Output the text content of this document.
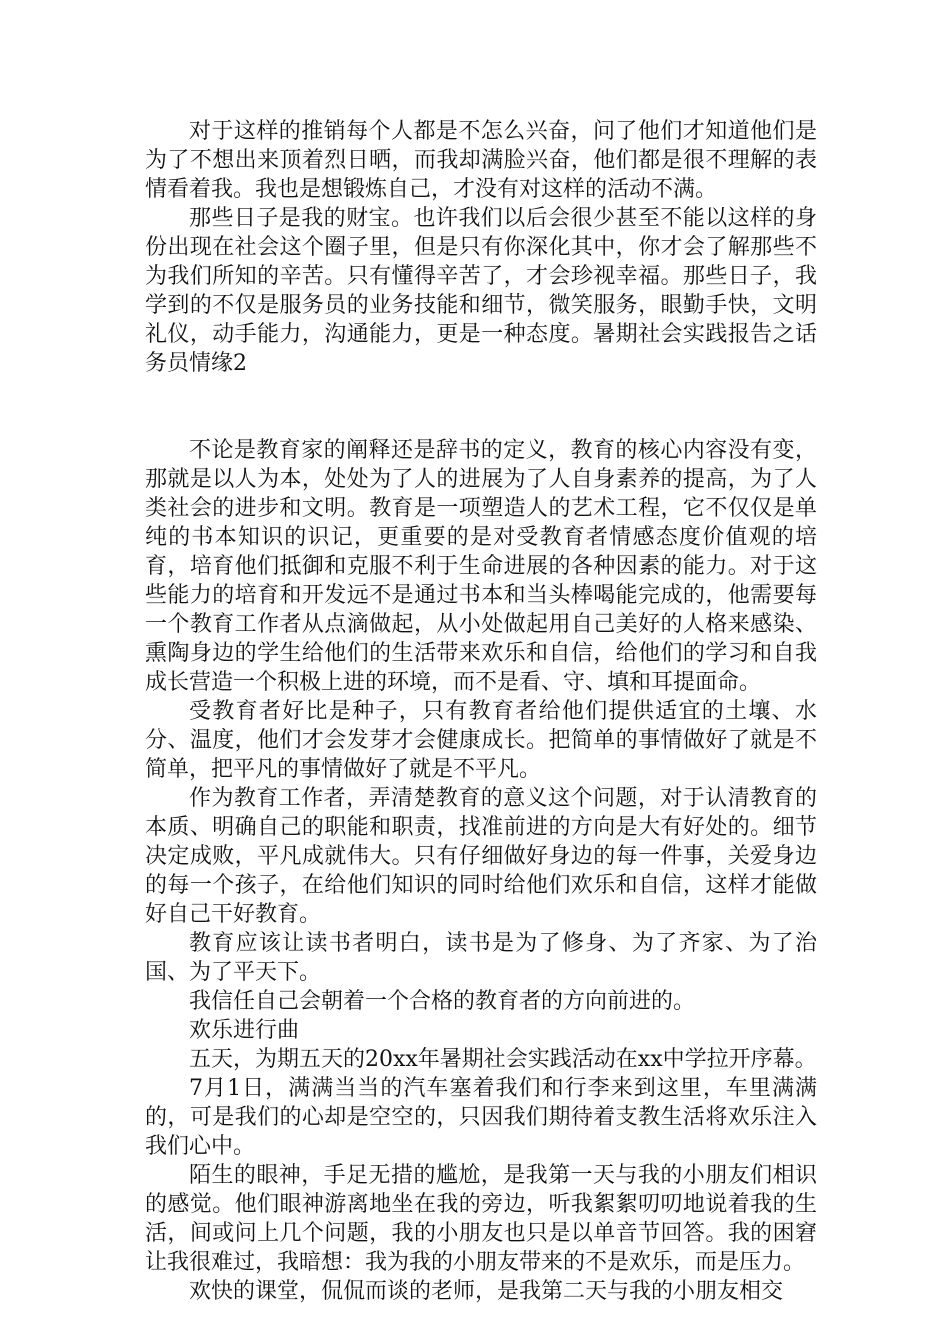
对于这样的推销每个人都是不怎么兴奋，问了他们才知道他们是为了不想出来顶着烈日晒，而我却满脸兴奋，他们都是很不理解的表情看着我。我也是想锻炼自己，才没有对这样的活动不满。

那些日子是我的财宝。也许我们以后会很少甚至不能以这样的身份出现在社会这个圈子里，但是只有你深化其中，你才会了解那些不为我们所知的辛苦。只有懂得辛苦了，才会珍视幸福。那些日子，我学到的不仅是服务员的业务技能和细节，微笑服务，眼勤手快，文明礼仪，动手能力，沟通能力，更是一种态度。暑期社会实践报告之话务员情缘2

不论是教育家的阐释还是辞书的定义，教育的核心内容没有变，那就是以人为本，处处为了人的进展为了人自身素养的提高，为了人类社会的进步和文明。教育是一项塑造人的艺术工程，它不仅仅是单纯的书本知识的识记，更重要的是对受教育者情感态度价值观的培育，培育他们抵御和克服不利于生命进展的各种因素的能力。对于这些能力的培育和开发远不是通过书本和当头棒喝能完成的，他需要每一个教育工作者从点滴做起，从小处做起用自己美好的人格来感染、熏陶身边的学生给他们的生活带来欢乐和自信，给他们的学习和自我成长营造一个积极上进的环境，而不是看、守、填和耳提面命。

受教育者好比是种子，只有教育者给他们提供适宜的土壤、水分、温度，他们才会发芽才会健康成长。把简单的事情做好了就是不简单，把平凡的事情做好了就是不平凡。

作为教育工作者，弄清楚教育的意义这个问题，对于认清教育的本质、明确自己的职能和职责，找准前进的方向是大有好处的。细节决定成败，平凡成就伟大。只有仔细做好身边的每一件事，关爱身边的每一个孩子，在给他们知识的同时给他们欢乐和自信，这样才能做好自己干好教育。

教育应该让读书者明白，读书是为了修身、为了齐家、为了治国、为了平天下。

我信任自己会朝着一个合格的教育者的方向前进的。

欢乐进行曲

五天，为期五天的20xx年暑期社会实践活动在xx中学拉开序幕。

7月1日，满满当当的汽车塞着我们和行李来到这里，车里满满的，可是我们的心却是空空的，只因我们期待着支教生活将欢乐注入我们心中。

陌生的眼神，手足无措的尴尬，是我第一天与我的小朋友们相识的感觉。他们眼神游离地坐在我的旁边，听我絮絮叨叨地说着我的生活，间或问上几个问题，我的小朋友也只是以单音节回答。我的困窘让我很难过，我暗想：我为我的小朋友带来的不是欢乐，而是压力。

欢快的课堂，侃侃而谈的老师，是我第二天与我的小朋友相交
